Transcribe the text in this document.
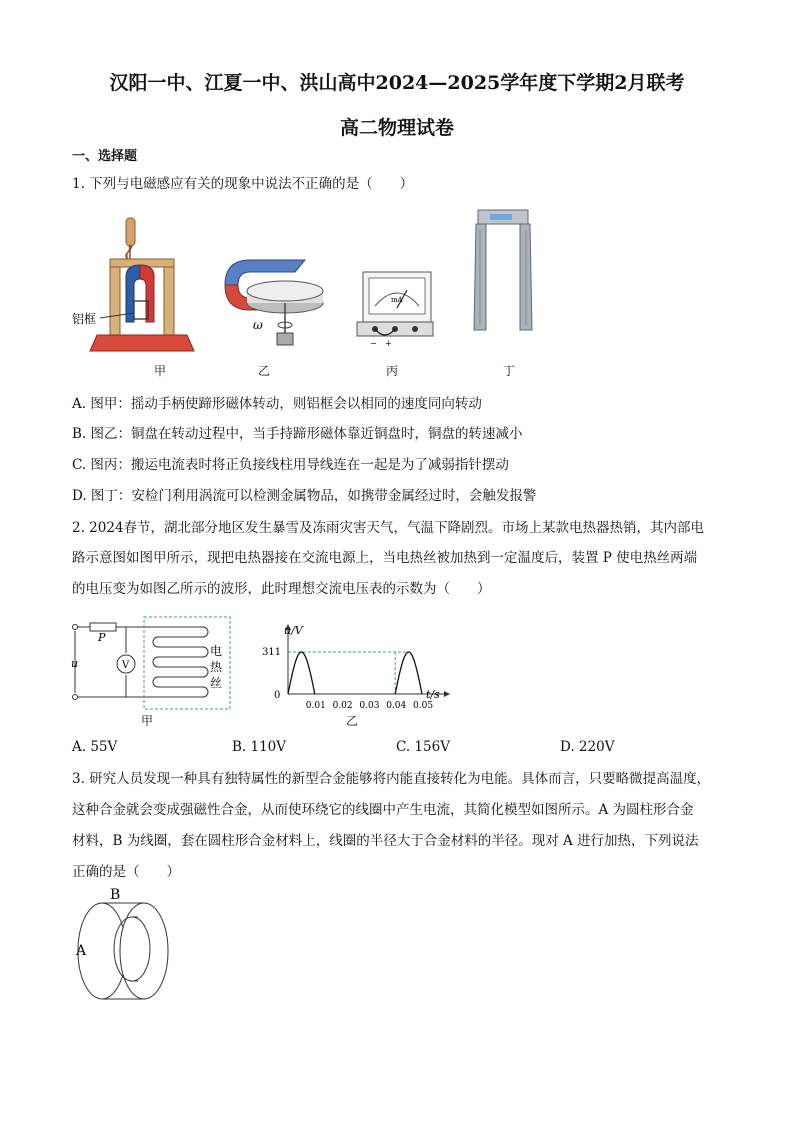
汉阳一中、江夏一中、洪山高中2024—2025学年度下学期2月联考
高二物理试卷
一、选择题
1. 下列与电磁感应有关的现象中说法不正确的是（　　）
铝框
甲
ω
乙
mA
− +
丙	丁
A. 图甲：摇动手柄使蹄形磁体转动，则铝框会以相同的速度同向转动
B. 图乙：铜盘在转动过程中，当手持蹄形磁体靠近铜盘时，铜盘的转速减小
C. 图丙：搬运电流表时将正负接线柱用导线连在一起是为了减弱指针摆动
D. 图丁：安检门利用涡流可以检测金属物品，如携带金属经过时，会触发报警
2. 2024春节，湖北部分地区发生暴雪及冻雨灾害天气，气温下降剧烈。市场上某款电热器热销，其内部电
路示意图如图甲所示，现把电热器接在交流电源上，当电热丝被加热到一定温度后，装置 P 使电热丝两端
的电压变为如图乙所示的波形，此时理想交流电压表的示数为（　　）
V
P
u
电
热
丝
甲
u/V
t/s
311
0
0.01 0.02 0.03 0.04 0.05
乙
A. 55V	B. 110V	C. 156V	D. 220V
3. 研究人员发现一种具有独特属性的新型合金能够将内能直接转化为电能。具体而言，只要略微提高温度，
这种合金就会变成强磁性合金，从而使环绕它的线圈中产生电流，其简化模型如图所示。A 为圆柱形合金
材料，B 为线圈，套在圆柱形合金材料上，线圈的半径大于合金材料的半径。现对 A 进行加热，下列说法
正确的是（　　）
B
A
